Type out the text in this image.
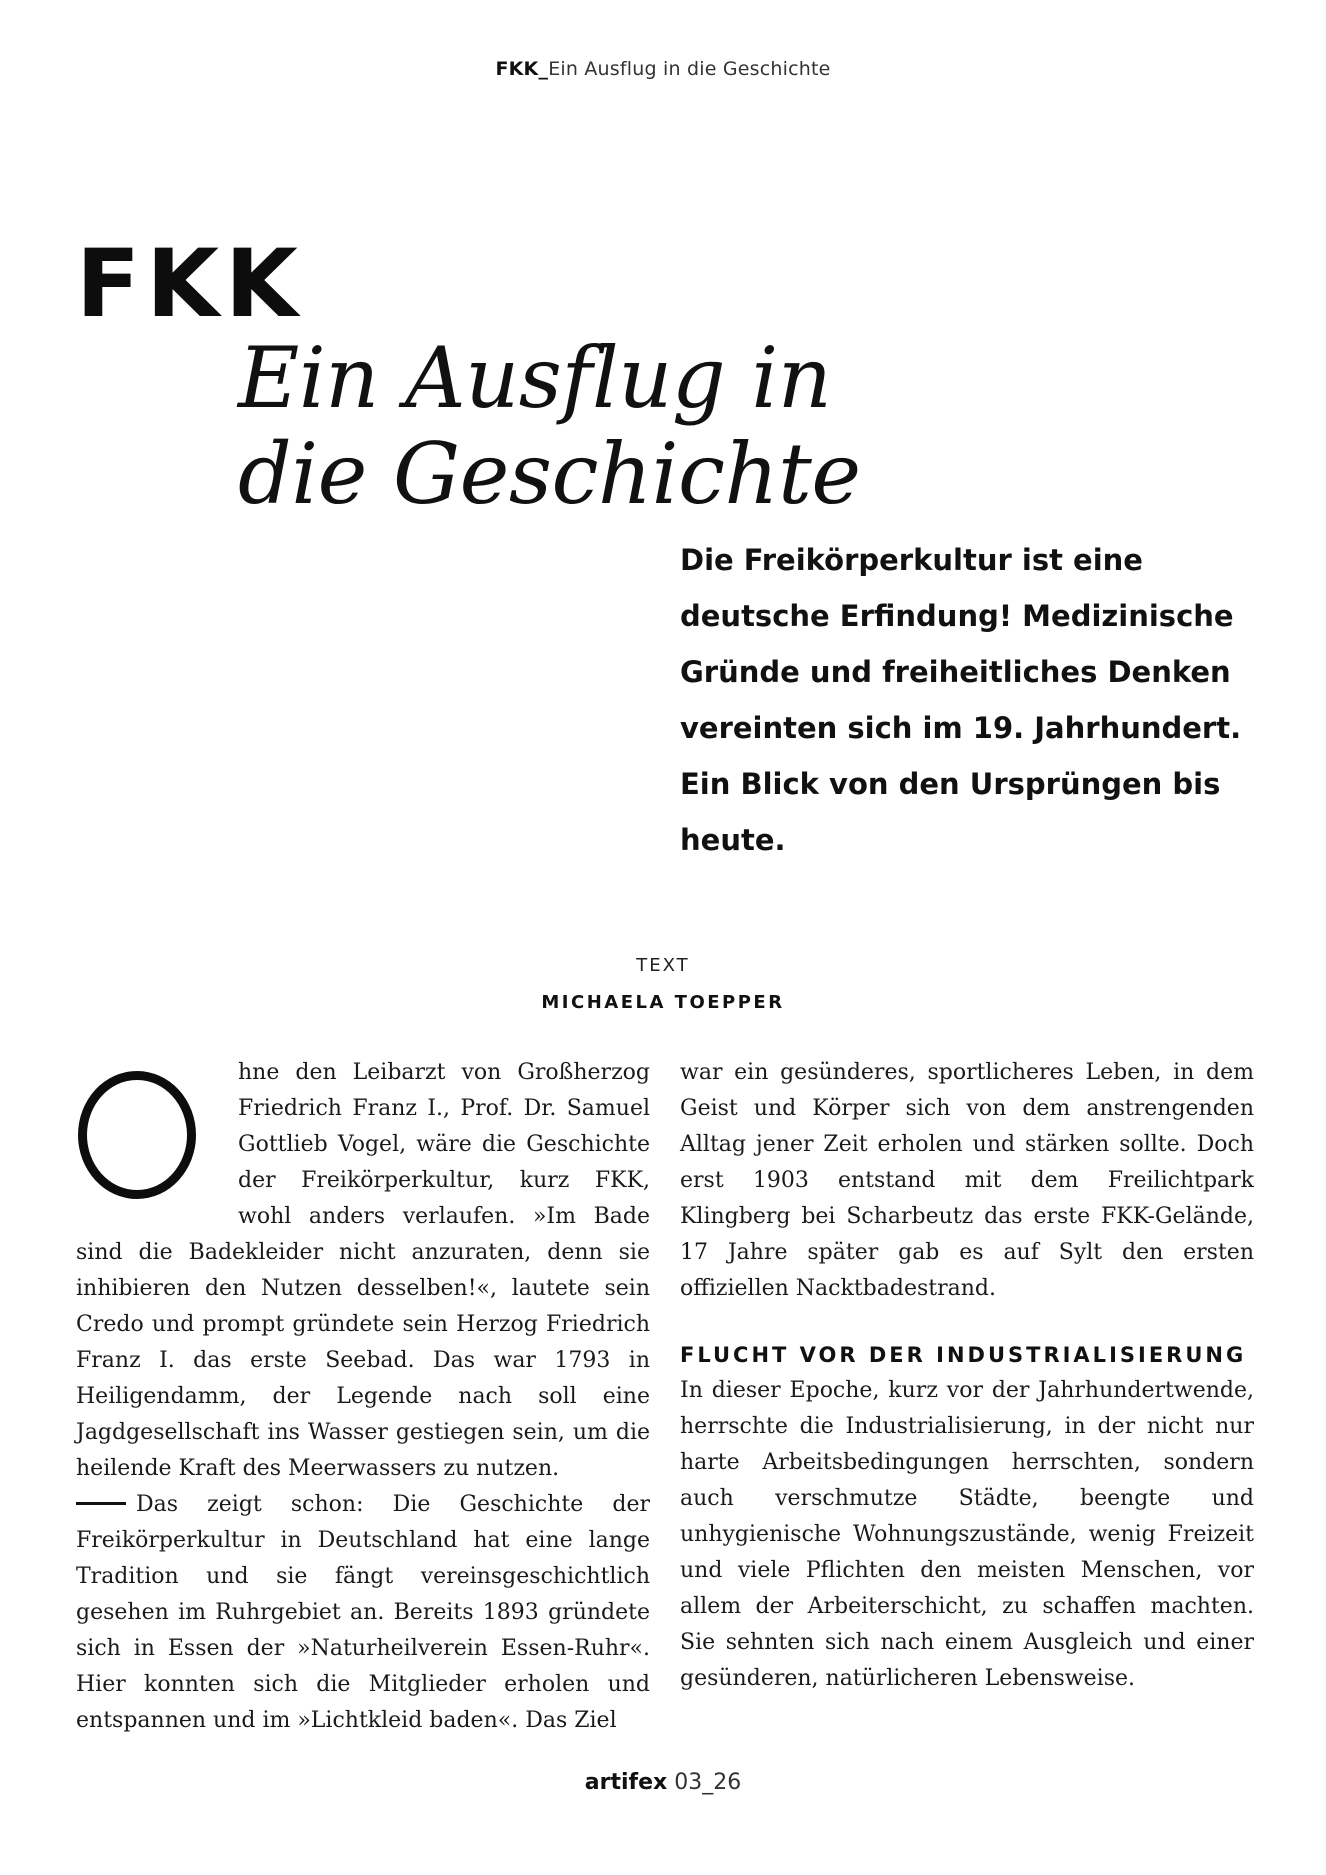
FKK_Ein Ausflug in die Geschichte
FKK
Ein Ausflug in
die Geschichte

Die Freikörperkultur ist eine deutsche Erfindung! Medizinische Gründe und freiheitliches Denken vereinten sich im 19. Jahrhundert. Ein Blick von den Ursprüngen bis heute.

TEXT
MICHAELA TOEPPER

hne den Leibarzt von Großherzog Friedrich Franz I., Prof. Dr. Samuel Gottlieb Vogel, wäre die Geschichte der Freikörperkultur, kurz FKK, wohl anders verlaufen. »Im Bade sind die Badekleider nicht anzuraten, denn sie inhibieren den Nutzen desselben!«, lautete sein Credo und prompt gründete sein Herzog Friedrich Franz I. das erste Seebad. Das war 1793 in Heiligendamm, der Legende nach soll eine Jagdgesellschaft ins Wasser gestiegen sein, um die heilende Kraft des Meerwassers zu nutzen.

Das zeigt schon: Die Geschichte der Freikörperkultur in Deutschland hat eine lange Tradition und sie fängt vereinsgeschichtlich gesehen im Ruhrgebiet an. Bereits 1893 gründete sich in Essen der »Naturheilverein Essen-Ruhr«. Hier konnten sich die Mitglieder erholen und entspannen und im »Lichtkleid baden«. Das Ziel

war ein gesünderes, sportlicheres Leben, in dem Geist und Körper sich von dem anstrengenden Alltag jener Zeit erholen und stärken sollte. Doch erst 1903 entstand mit dem Freilichtpark Klingberg bei Scharbeutz das erste FKK-Gelände, 17 Jahre später gab es auf Sylt den ersten offiziellen Nacktbadestrand.

FLUCHT VOR DER INDUSTRIALISIERUNG

In dieser Epoche, kurz vor der Jahrhundertwende, herrschte die Industrialisierung, in der nicht nur harte Arbeitsbedingungen herrschten, sondern auch verschmutze Städte, beengte und unhygienische Wohnungszustände, wenig Freizeit und viele Pflichten den meisten Menschen, vor allem der Arbeiterschicht, zu schaffen machten. Sie sehnten sich nach einem Ausgleich und einer gesünderen, natürlicheren Lebensweise.

artifex 03_26
